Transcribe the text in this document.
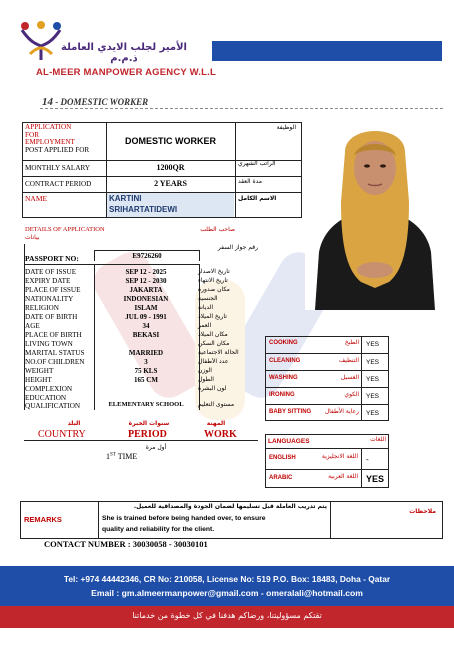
الأمير لجلب الايدي العاملة ذ.م.م
AL-MEER MANPOWER AGENCY W.L.L
14 - DOMESTIC WORKER
APPLICATION
FOR
EMPLOYMENT
POST APPLIED FOR
DOMESTIC WORKER
الوظيفة
MONTHLY SALARY	1200QR	الراتب الشهري
CONTRACT PERIOD	2 YEARS	مدة العقد
NAME	KARTINI
SRIHARTATIDEWI
الاسم الكامل
DETAILS OF APPLICATION	صاحب الطلب
بيانات
PASSPORT NO:	E9726260
رقم جواز السفر
DATE OF ISSUE	SEP 12 - 2025	تاريخ الاصدار
EXPIRY DATE	SEP 12 - 2030	تاريخ الانتهاء
PLACE OF ISSUE	JAKARTA	مكان صدوره
NATIONALITY	INDONESIAN	الجنسية
RELIGION	ISLAM	الديانة
DATE OF BIRTH	JUL 09 - 1991	تاريخ الميلاد
AGE	34	العمر
PLACE OF BIRTH	BEKASI	مكان الميلاد
LIVING TOWN	مكان السكن
MARITAL STATUS	MARRIED	الحالة الاجتماعية
NO.OF CHILDREN	3	عدد الأطفال
WEIGHT	75 KLS	الوزن
HEIGHT	165 CM	الطول
COMPLEXION	لون البشرة
EDUCATION
QUALIFICATION	ELEMENTARY SCHOOL	مستوى التعليم
البلد	سنوات الخبرة	المهنة
COUNTRY	PERIOD	WORK
أول مرة
1ST TIME
COOKING	الطبخ YES
CLEANING	التنظيف YES
WASHING	الغسيل YES
IRONING	الكوي YES
BABY SITTING	رعاية الأطفال YES
LANGUAGES	اللغات
ENGLISH	اللغة الانجليزية -
ARABIC	اللغة العربية YES
REMARKS
ملاحظات
يتم تدريب العاملة قبل تسليمها لضمان الجودة والمصداقية للعميل.
She is trained before being handed over, to ensure
quality and reliability for the client.
CONTACT NUMBER : 30030058 - 30030101
Tel: +974 44442346, CR No: 210058, License No: 519 P.O. Box: 18483, Doha - Qatar
Email : gm.almeermanpower@gmail.com - omeralali@hotmail.com
تقتكم مسؤوليتنا، ورضاكم هدفنا في كل خطوة من خدماتنا
